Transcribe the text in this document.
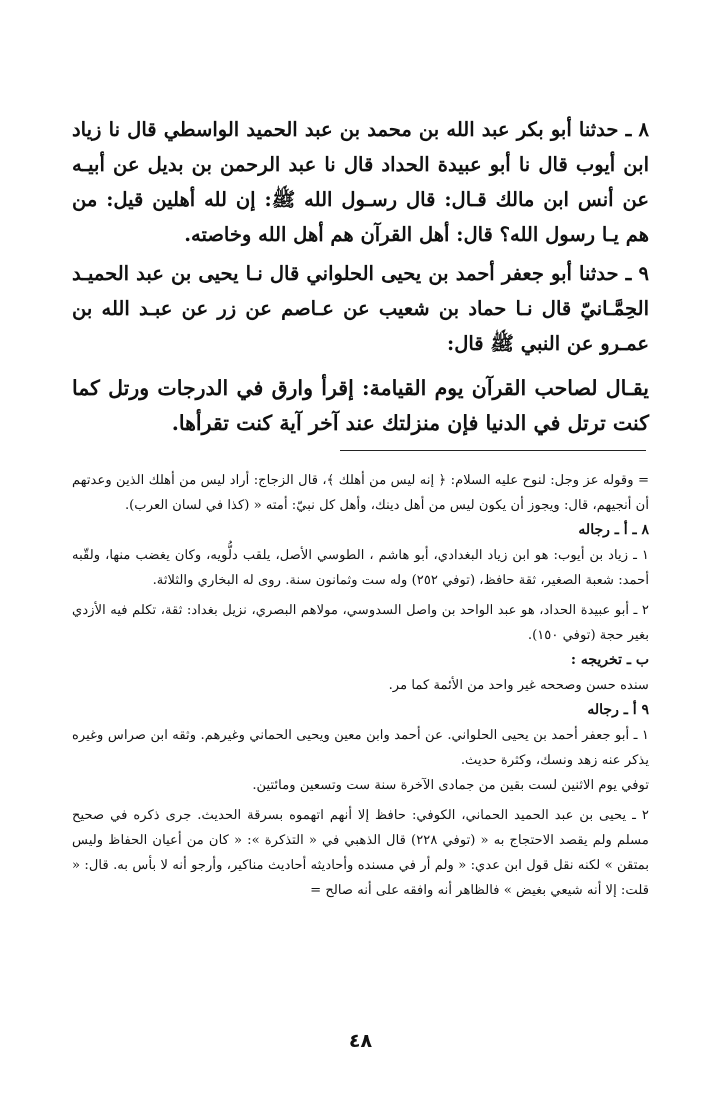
٨ ـ حدثنا أبو بكر عبد الله بن محمد بن عبد الحميد الواسطي قال نا زياد ابن أيوب قال نا أبو عبيدة الحداد قال نا عبد الرحمن بن بديل عن أبيـه عن أنس ابن مالك قـال: قال رسـول الله ﷺ: إن لله أهلين قيل: من هم يـا رسول الله؟ قال: أهل القرآن هم أهل الله وخاصته.

٩ ـ حدثنا أبو جعفر أحمد بن يحيى الحلواني قال نـا يحيى بن عبد الحميـد الحِمَّـانيّ قال نـا حماد بن شعيب عن عـاصم عن زر عن عبـد الله بن عمـرو عن النبي ﷺ قال:

يقـال لصاحب القرآن يوم القيامة: إقرأ وارق في الدرجات ورتل كما كنت ترتل في الدنيا فإن منزلتك عند آخر آية كنت تقرأها.

= وقوله عز وجل: لنوح عليه السلام: ﴿ إنه ليس من أهلك ﴾، قال الزجاج: أراد ليس من أهلك الذين وعدتهم أن أنجيهم، قال: ويجوز أن يكون ليس من أهل دينك، وأهل كل نبيّ: أمته « (كذا في لسان العرب).

٨ ـ أ ـ رجاله

١ ـ زياد بن أيوب: هو ابن زياد البغدادي، أبو هاشم ، الطوسي الأصل، يلقب دلُّويه، وكان يغضب منها، ولقّبه أحمد: شعبة الصغير، ثقة حافظ، (توفي ٢٥٢) وله ست وثمانون سنة. روى له البخاري والثلاثة.

٢ ـ أبو عبيدة الحداد، هو عبد الواحد بن واصل السدوسي، مولاهم البصري، نزيل بغداد: ثقة، تكلم فيه الأزدي بغير حجة (توفي ١٥٠).

ب ـ تخريجه :

سنده حسن وصححه غير واحد من الأئمة كما مر.

٩ أ ـ رجاله

١ ـ أبو جعفر أحمد بن يحيى الحلواني. عن أحمد وابن معين ويحيى الحماني وغيرهم. وثقه ابن صراس وغيره يذكر عنه زهد ونسك، وكثرة حديث.

توفي يوم الاثنين لست بقين من جمادى الآخرة سنة ست وتسعين ومائتين.

٢ ـ يحيى بن عبد الحميد الحماني، الكوفي: حافظ إلا أنهم اتهموه بسرقة الحديث. جرى ذكره في صحيح مسلم ولم يقصد الاحتجاج به « (توفي ٢٢٨) قال الذهبي في « التذكرة »: « كان من أعيان الحفاظ وليس بمتقن » لكنه نقل قول ابن عدي: « ولم أر في مسنده وأحاديثه أحاديث مناكير، وأرجو أنه لا بأس به. قال: « قلت: إلا أنه شيعي بغيض » فالظاهر أنه وافقه على أنه صالح =

٤٨
